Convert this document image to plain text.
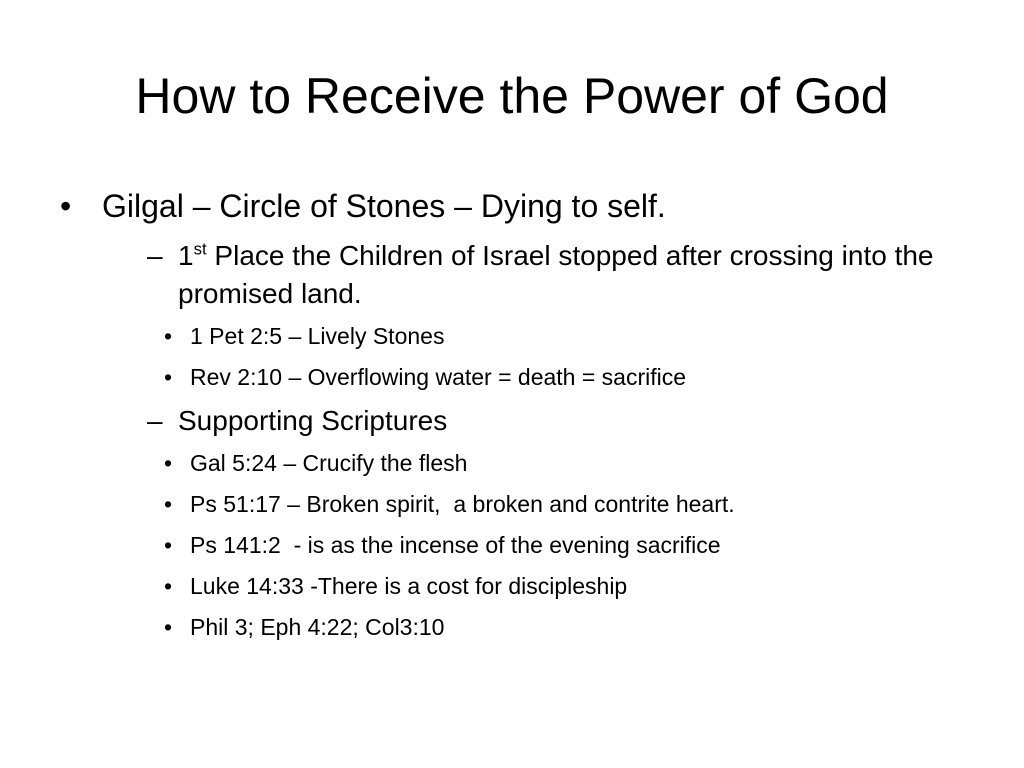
How to Receive the Power of God
• Gilgal – Circle of Stones – Dying to self.
– 1st Place the Children of Israel stopped after crossing into the promised land.
• 1 Pet 2:5 – Lively Stones
• Rev 2:10 – Overflowing water = death = sacrifice
– Supporting Scriptures
• Gal 5:24 – Crucify the flesh
• Ps 51:17 – Broken spirit,  a broken and contrite heart.
• Ps 141:2  - is as the incense of the evening sacrifice
• Luke 14:33 -There is a cost for discipleship
• Phil 3; Eph 4:22; Col3:10
